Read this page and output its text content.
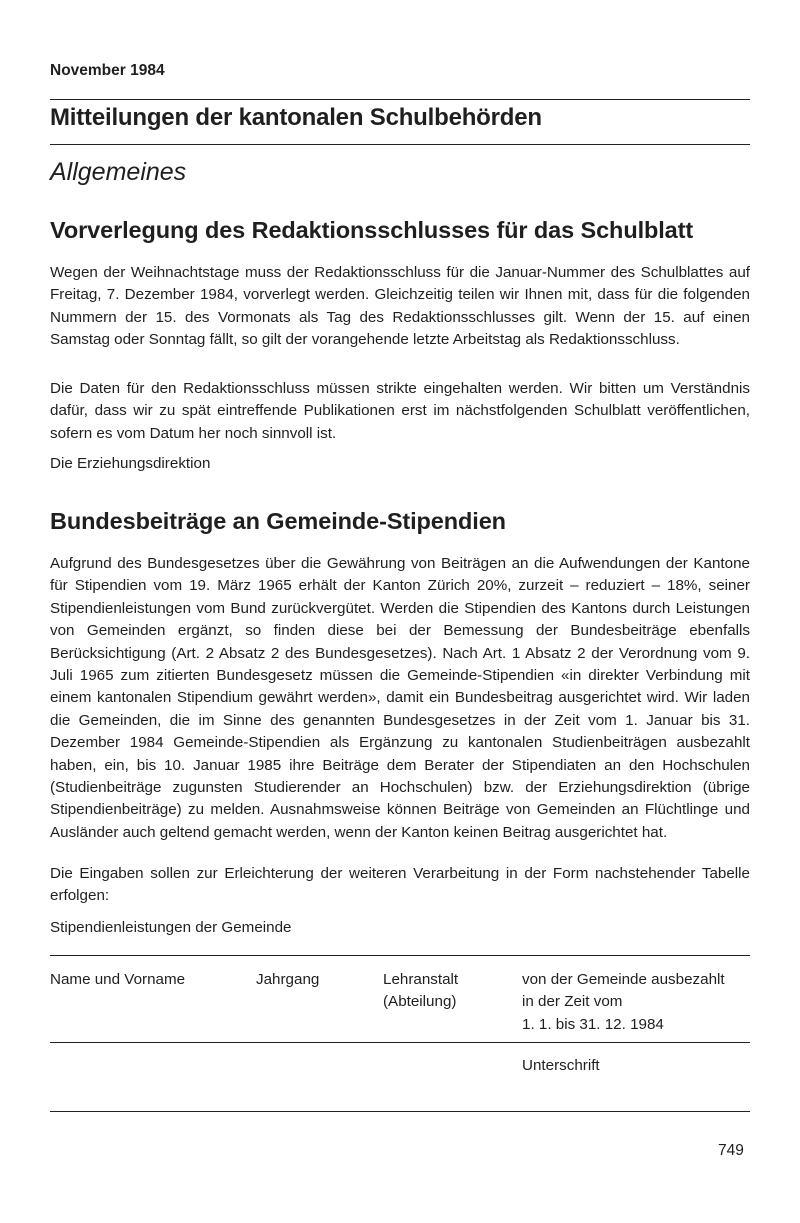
November 1984
Mitteilungen der kantonalen Schulbehörden
Allgemeines
Vorverlegung des Redaktionsschlusses für das Schulblatt

Wegen der Weihnachtstage muss der Redaktionsschluss für die Januar-Nummer des Schulblattes auf Freitag, 7. Dezember 1984, vorverlegt werden. Gleichzeitig teilen wir Ihnen mit, dass für die folgenden Nummern der 15. des Vormonats als Tag des Redaktionsschlusses gilt. Wenn der 15. auf einen Samstag oder Sonntag fällt, so gilt der vorangehende letzte Arbeitstag als Redaktionsschluss.

Die Daten für den Redaktionsschluss müssen strikte eingehalten werden. Wir bitten um Verständnis dafür, dass wir zu spät eintreffende Publikationen erst im nächstfolgenden Schulblatt veröffentlichen, sofern es vom Datum her noch sinnvoll ist.

Die Erziehungsdirektion

Bundesbeiträge an Gemeinde-Stipendien

Aufgrund des Bundesgesetzes über die Gewährung von Beiträgen an die Aufwendungen der Kantone für Stipendien vom 19. März 1965 erhält der Kanton Zürich 20%, zurzeit – reduziert – 18%, seiner Stipendienleistungen vom Bund zurückvergütet. Werden die Stipendien des Kantons durch Leistungen von Gemeinden ergänzt, so finden diese bei der Bemessung der Bundesbeiträge ebenfalls Berücksichtigung (Art. 2 Absatz 2 des Bundesgesetzes). Nach Art. 1 Absatz 2 der Verordnung vom 9. Juli 1965 zum zitierten Bundesgesetz müssen die Gemeinde-Stipendien «in direkter Verbindung mit einem kantonalen Stipendium gewährt werden», damit ein Bundesbeitrag ausgerichtet wird. Wir laden die Gemeinden, die im Sinne des genannten Bundesgesetzes in der Zeit vom 1. Januar bis 31. Dezember 1984 Gemeinde-Stipendien als Ergänzung zu kantonalen Studienbeiträgen ausbezahlt haben, ein, bis 10. Januar 1985 ihre Beiträge dem Berater der Stipendiaten an den Hochschulen (Studienbeiträge zugunsten Studierender an Hochschulen) bzw. der Erziehungsdirektion (übrige Stipendienbeiträge) zu melden. Ausnahmsweise können Beiträge von Gemeinden an Flüchtlinge und Ausländer auch geltend gemacht werden, wenn der Kanton keinen Beitrag ausgerichtet hat.

Die Eingaben sollen zur Erleichterung der weiteren Verarbeitung in der Form nachstehender Tabelle erfolgen:

Stipendienleistungen der Gemeinde

Name und Vorname	Jahrgang	Lehranstalt
(Abteilung)
von der Gemeinde ausbezahlt
in der Zeit vom
1. 1. bis 31. 12. 1984
Unterschrift
749
